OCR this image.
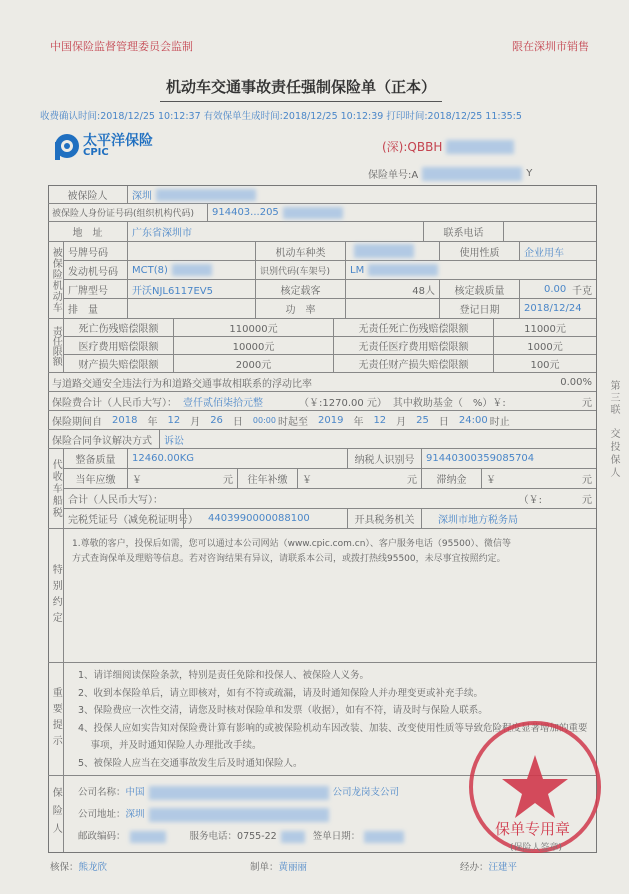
中国保险监督管理委员会监制	限在深圳市销售
机动车交通事故责任强制保险单（正本）
收费确认时间:2018/12/25 10:12:37 有效保单生成时间:2018/12/25 10:12:39 打印时间:2018/12/25 11:35:5
太平洋保险
CPIC	(深):QBBH
保险单号:A	Y
被保险人 深圳
被保险人身份证号码(组织机构代码) 914403...205
地　址	广东省深圳市	联系电话
被保险机动车 号牌号码	机动车种类	使用性质 企业用车
发动机号码 MCT(8)	识别代码(车架号) LM
厂牌型号 开沃NJL6117EV5	核定载客	48人 核定载质量	0.00 千克
排　量	功　率	登记日期 2018/12/24
责任限额 死亡伤残赔偿限额	110000元	无责任死亡伤残赔偿限额	11000元
医疗费用赔偿限额	10000元	无责任医疗费用赔偿限额	1000元
财产损失赔偿限额	2000元	无责任财产损失赔偿限额	100元
与道路交通安全违法行为和道路交通事故相联系的浮动比率	0.00%
保险费合计（人民币大写）： 壹仟贰佰柒拾元整	（￥:1270.00 元） 其中救助基金（　%）￥:	元
保险期间自 2018 年 12 月 26 日 00:00 时起至 2019 年 12 月 25 日 24:00 时止
保险合同争议解决方式 诉讼
代收车船税 整备质量 12460.00KG	纳税人识别号 91440300359085704
当年应缴 ￥	元 往年补缴 ￥	元 滞纳金 ￥	元
合计（人民币大写）：	（￥:	元
完税凭证号（减免税证明号） 4403990000088100	开具税务机关 深圳市地方税务局
特别约定
1.尊敬的客户，投保后如需，您可以通过本公司网站（www.cpic.com.cn）、客户服务电话（95500）、微信等
方式查询保单及理赔等信息。若对咨询结果有异议，请联系本公司，或拨打热线95500，未尽事宜按照约定。
重要提示
1、请详细阅读保险条款，特别是责任免除和投保人、被保险人义务。
2、收到本保险单后，请立即核对，如有不符或疏漏，请及时通知保险人并办理变更或补充手续。
3、保险费应一次性交清，请您及时核对保险单和发票（收据），如有不符，请及时与保险人联系。
4、投保人应如实告知对保险费计算有影响的或被保险机动车因改装、加装、改变使用性质等导致危险程度显著增加的重要
　 事项，并及时通知保险人办理批改手续。
5、被保险人应当在交通事故发生后及时通知保险人。
保险人	保单专用章
(保险人签章)
公司名称： 中国	公司龙岗支公司
公司地址： 深圳
邮政编码：	服务电话： 0755-22	签单日期：
核保：熊龙欣	制单：黄丽丽	经办：汪建平
第三联
交投保人
